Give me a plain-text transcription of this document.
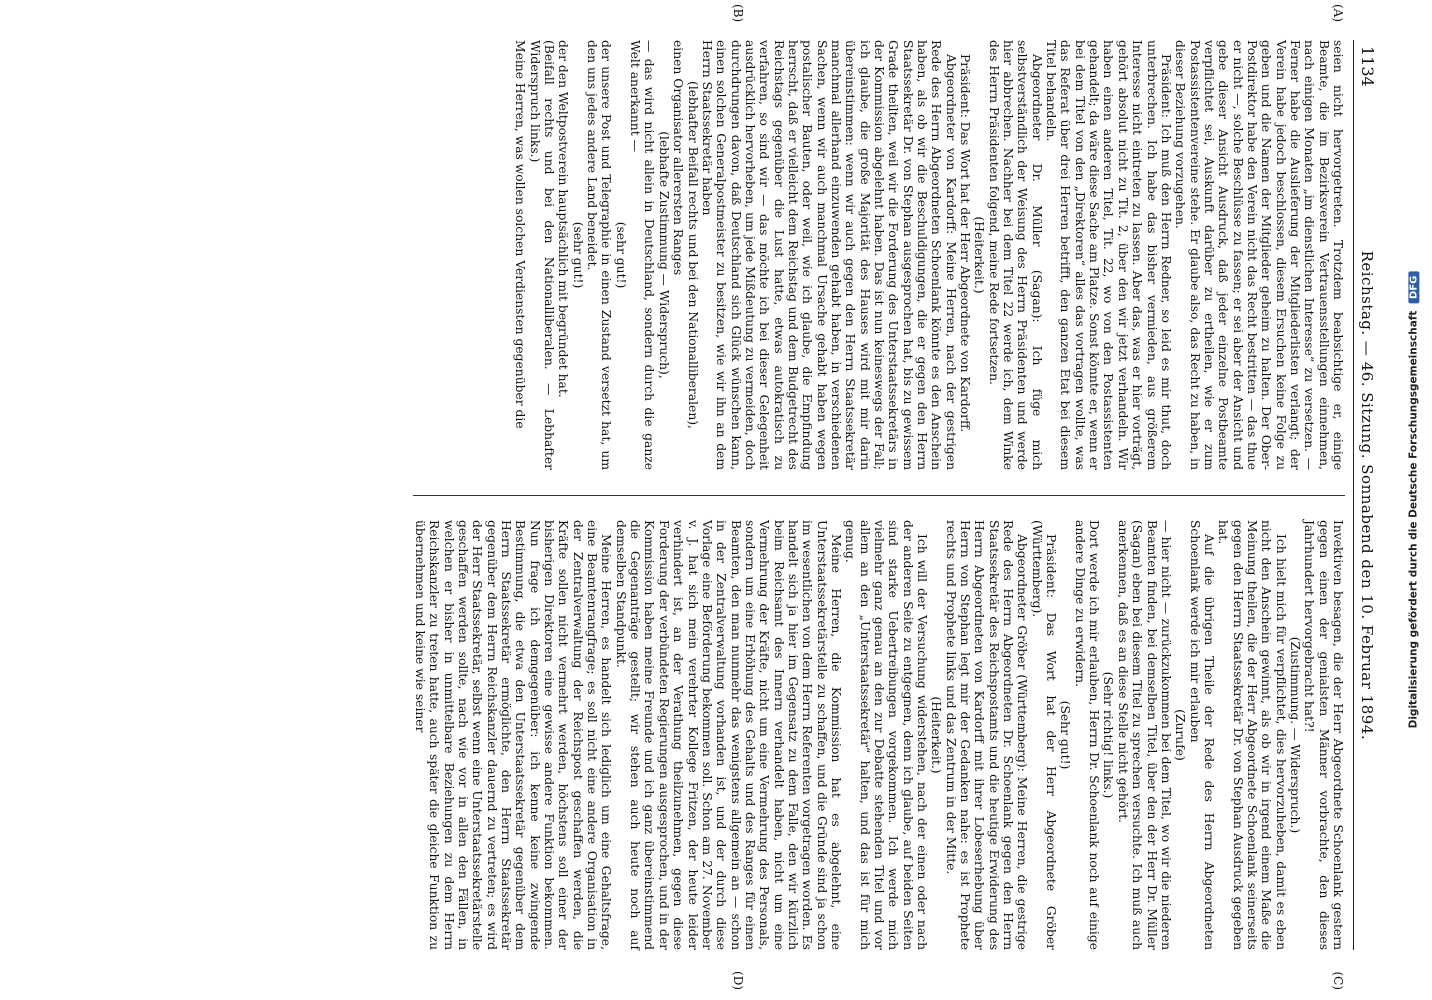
Digitalisierung gefördert durch die Deutsche Forschungsgemeinschaft DFG
1134
Reichstag. — 46. Sitzung. Sonnabend den 10. Februar 1894.
(A)
(B)
(C)
(D)

seien nicht hervorgetreten. Trotzdem beabsichtige er, einige Beamte, die im Bezirksverein Vertrauensstellungen einnehmen, nach einigen Monaten „im dienstlichen Interesse“ zu versetzen. — Ferner habe die Auslieferung der Mitgliederlisten verlangt; der Verein habe jedoch beschlossen, diesem Ersuchen keine Folge zu geben und die Namen der Mitglieder geheim zu halten. Der Ober-Postdirektor habe den Verein nicht das Recht bestritten — das thue er nicht —, solche Beschlüsse zu fassen; er sei aber der Ansicht und gebe dieser Ansicht Ausdruck, daß jeder einzelne Postbeamte verpflichtet sei, Auskunft darüber zu ertheilen, wie er zum Postassistentenvereine stehe. Er glaube also, das Recht zu haben, in dieser Beziehung vorzugehen.

Präsident: Ich muß den Herrn Redner, so leid es mir thut, doch unterbrechen. Ich habe das bisher vermieden, aus größerem Interesse nicht eintreten zu lassen. Aber das, was er hier vorträgt, gehört absolut nicht zu Tit. 2, über den wir jetzt verhandeln. Wir haben einen anderen Titel, Tit. 22, wo von den Postassistenten gehandelt; da wäre diese Sache am Platze. Sonst könnte er, wenn er bei dem Titel von den „Direktoren“ alles das vortragen wollte, was das Referat über drei Herren betrifft, den ganzen Etat bei diesem Titel behandeln.

Abgeordneter Dr. Müller (Sagan): Ich füge mich selbstverständlich der Weisung des Herrn Präsidenten und werde hier abbrechen. Nachher bei dem Titel 22 werde ich, dem Winke des Herrn Präsidenten folgend, meine Rede fortsetzen.

(Heiterkeit.)

Präsident: Das Wort hat der Herr Abgeordnete von Kardorff.

Abgeordneter von Kardorff: Meine Herren, nach der gestrigen Rede des Herrn Abgeordneten Schoenlank könnte es den Anschein haben, als ob wir die Beschuldigungen, die er gegen den Herrn Staatssekretär Dr. von Stephan ausgesprochen hat, bis zu gewissem Grade theilten, weil wir die Forderung des Unterstaatssekretärs in der Kommission abgelehnt haben. Das ist nun keineswegs der Fall; ich glaube, die große Majorität des Hauses wird mit mir darin übereinstimmen: wenn wir auch gegen den Herrn Staatssekretär manchmal allerhand einzuwenden gehabt haben, in verschiedenen Sachen, wenn wir auch manchmal Ursache gehabt haben wegen postalischer Bauten, oder weil, wie ich glaube, die Empfindung herrscht, daß er vielleicht dem Reichstag und dem Budgetrecht des Reichstags gegenüber die Lust hatte, etwas autokratisch zu verfahren, so sind wir — das möchte ich bei dieser Gelegenheit ausdrücklich hervorheben, um jede Mißdeutung zu vermeiden, doch durchdrungen davon, daß Deutschland sich Glück wünschen kann, einen solchen Generalpostmeister zu besitzen, wie wir ihn an dem Herrn Staatssekretär haben

(lebhafter Beifall rechts und bei den Nationalliberalen),

einen Organisator allerersten Ranges

(lebhafte Zustimmung — Widerspruch),

— das wird nicht allein in Deutschland, sondern durch die ganze Welt anerkannt —

(sehr gut!)

der unsere Post und Telegraphie in einen Zustand versetzt hat, um den uns jedes andere Land beneidet.

(sehr gut!)

der den Weltpostverein hauptsächlich mit begründet hat.

(Beifall rechts und bei den Nationalliberalen. — Lebhafter Widerspruch links.)

Meine Herren, was wollen solchen Verdiensten gegenüber die

Invektiven besagen, die der Herr Abgeordnete Schoenlank gestern gegen einen der genialsten Männer vorbrachte, den dieses Jahrhundert hervorgebracht hat?!

(Zustimmung. — Widerspruch.)

Ich hielt mich für verpflichtet, dies hervorzuheben, damit es eben nicht den Anschein gewinnt, als ob wir in irgend einem Maße die Meinung theilen, die der Herr Abgeordnete Schoenlank seinerseits gegen den Herrn Staatssekretär Dr. von Stephan Ausdruck gegeben hat.

Auf die übrigen Theile der Rede des Herrn Abgeordneten Schoenlank werde ich mir erlauben

(Zurufe)

— hier nicht — zurückzukommen bei dem Titel, wo wir die niederen Beamten finden, bei demselben Titel, über den der Herr Dr. Müller (Sagan) eben bei diesem Titel zu sprechen versuchte. Ich muß auch anerkennen, daß es an diese Stelle nicht gehört.

(Sehr richtig! links.)

Dort werde ich mir erlauben, Herrn Dr. Schoenlank noch auf einige andere Dinge zu erwidern.

(Sehr gut!)

Präsident: Das Wort hat der Herr Abgeordnete Gröber (Württemberg).

Abgeordneter Gröber (Württemberg): Meine Herren, die gestrige Rede des Herrn Abgeordneten Dr. Schoenlank gegen den Herrn Staatssekretär des Reichspostamts und die heutige Erwiderung des Herrn Abgeordneten von Kardorff mit ihrer Lobeserhebung über Herrn von Stephan legt mir der Gedanken nahe: es ist Prophete rechts und Prophete links und das Zentrum in der Mitte.

(Heiterkeit.)

Ich will der Versuchung widerstehen, nach der einen oder nach der anderen Seite zu entgegnen, denn ich glaube, auf beiden Seiten sind starke Uebertreibungen vorgekommen. Ich werde mich vielmehr ganz genau an den zur Debatte stehenden Titel und vor allem an den „Unterstaatssekretär“ halten, und das ist für mich genug.

Meine Herren, die Kommission hat es abgelehnt, eine Unterstaatssekretärstelle zu schaffen, und die Gründe sind ja schon im wesentlichen von dem Herrn Referenten vorgetragen worden. Es handelt sich ja hier im Gegensatz zu dem Falle, den wir kürzlich beim Reichsamt des Innern verhandelt haben, nicht um eine Vermehrung der Kräfte, nicht um eine Vermehrung des Personals, sondern um eine Erhöhung des Gehalts und des Ranges für einen Beamten, den man nunmehr das wenigstens allgemein an — schon in der Zentralverwaltung vorhanden ist, und der durch diese Vorlage eine Beförderung bekommen soll. Schon am 27. November v. J. hat sich mein verehrter Kollege Fritzen, der heute leider verhindert ist, an der Verathung theilzunehmen, gegen diese Forderung der verbündeten Regierungen ausgesprochen, und in der Kommission haben meine Freunde und ich ganz übereinstimmend die Gegenanträge gestellt; wir stehen auch heute noch auf demselben Standpunkt.

Meine Herren, es handelt sich lediglich um eine Gehaltsfrage, eine Beamtenrangfrage; es soll nicht eine andere Organisation in der Zentralverwaltung der Reichspost geschaffen werden, die Kräfte sollen nicht vermehrt werden, höchstens soll einer der bisherigen Direktoren eine gewisse andere Funktion bekommen. Nun frage ich demgegenüber: ich kenne keine zwingende Bestimmung, die etwa den Unterstaatssekretär gegenüber dem Herrn Staatssekretär ermöglichte, den Herrn Staatssekretär gegenüber dem Herrn Reichskanzler dauernd zu vertreten; es wird der Herr Staatssekretär, selbst wenn eine Unterstaatssekretärstelle geschaffen werden sollte, nach wie vor in allen den Fällen, in welchen er bisher in unmittelbare Beziehungen zu dem Herrn Reichskanzler zu treten hatte, auch später die gleiche Funktion zu übernehmen und keine wie seiner
